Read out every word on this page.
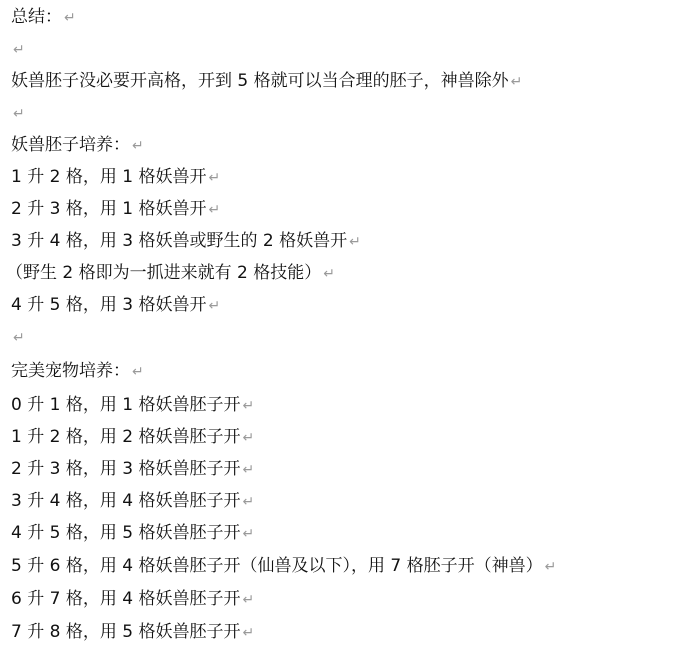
总结： ↵
↵
妖兽胚子没必要开高格，开到 5 格就可以当合理的胚子，神兽除外 ↵
↵
妖兽胚子培养： ↵
1 升 2 格，用 1 格妖兽开 ↵
2 升 3 格，用 1 格妖兽开 ↵
3 升 4 格，用 3 格妖兽或野生的 2 格妖兽开 ↵
（野生 2 格即为一抓进来就有 2 格技能） ↵
4 升 5 格，用 3 格妖兽开 ↵
↵
完美宠物培养： ↵
0 升 1 格，用 1 格妖兽胚子开 ↵
1 升 2 格，用 2 格妖兽胚子开 ↵
2 升 3 格，用 3 格妖兽胚子开 ↵
3 升 4 格，用 4 格妖兽胚子开 ↵
4 升 5 格，用 5 格妖兽胚子开 ↵
5 升 6 格，用 4 格妖兽胚子开（仙兽及以下），用 7 格胚子开（神兽） ↵
6 升 7 格，用 4 格妖兽胚子开 ↵
7 升 8 格，用 5 格妖兽胚子开 ↵
